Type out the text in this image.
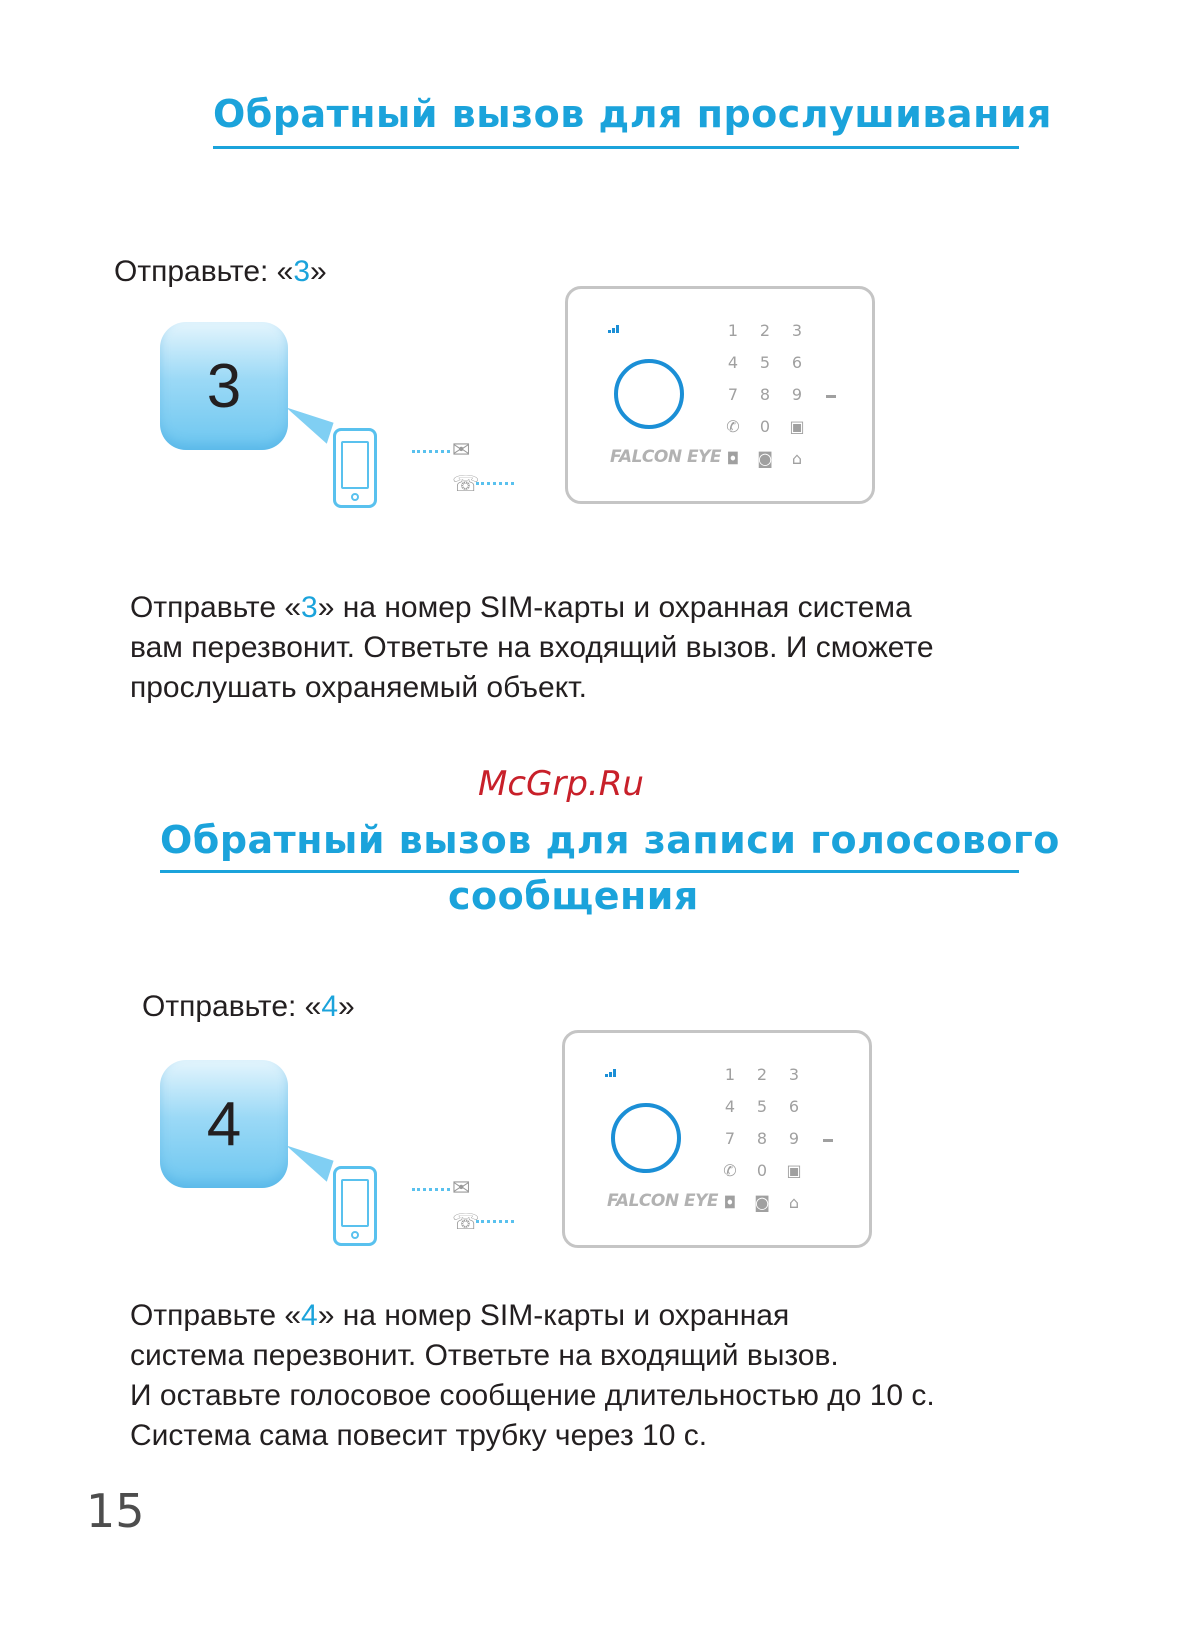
Обратный вызов для прослушивания
Отправьте: «3»
3
✉
☏
FALCON EYE
1	2	3
4	5	6
7	8	9
✆	0	▣
◘ ◙	⌂
Отправьте «3» на номер SIM-карты и охранная система
вам перезвонит. Ответьте на входящий вызов. И сможете
прослушать охраняемый объект.
McGrp.Ru
Обратный вызов для записи голосового
сообщения
Отправьте: «4»
4
✉
☏
FALCON EYE
1	2	3
4	5	6
7	8	9
✆	0	▣
◘ ◙	⌂
Отправьте «4» на номер SIM-карты и охранная
система перезвонит. Ответьте на входящий вызов.
И оставьте голосовое сообщение длительностью до 10 с.
Система сама повесит трубку через 10 с.
15
